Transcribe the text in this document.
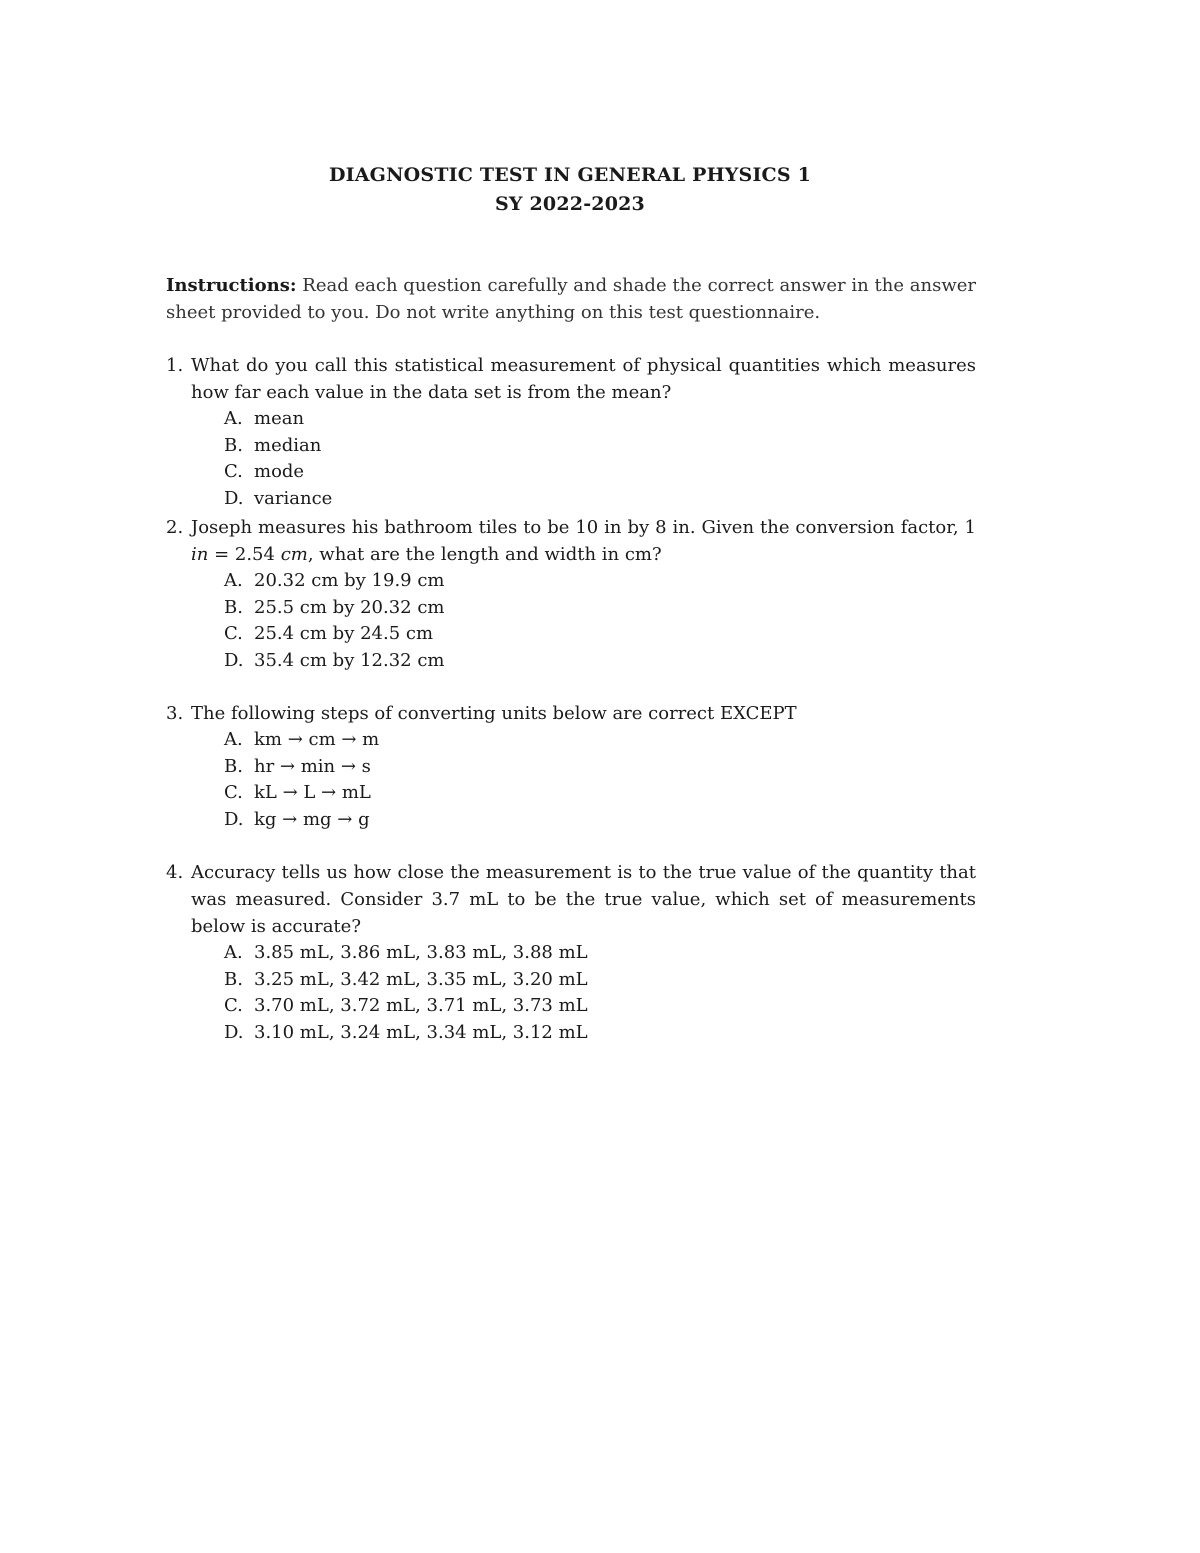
DIAGNOSTIC TEST IN GENERAL PHYSICS 1
SY 2022-2023
Instructions: Read each question carefully and shade the correct answer in the answer sheet provided to you. Do not write anything on this test questionnaire.
1. What do you call this statistical measurement of physical quantities which measures how far each value in the data set is from the mean?
A. mean
B. median
C. mode
D. variance
2. Joseph measures his bathroom tiles to be 10 in by 8 in. Given the conversion factor, 1 in = 2.54 cm, what are the length and width in cm?
A. 20.32 cm by 19.9 cm
B. 25.5 cm by 20.32 cm
C. 25.4 cm by 24.5 cm
D. 35.4 cm by 12.32 cm
3. The following steps of converting units below are correct EXCEPT
A. km → cm → m
B. hr → min → s
C. kL → L → mL
D. kg → mg → g
4. Accuracy tells us how close the measurement is to the true value of the quantity that was measured. Consider 3.7 mL to be the true value, which set of measurements below is accurate?
A. 3.85 mL, 3.86 mL, 3.83 mL, 3.88 mL
B. 3.25 mL, 3.42 mL, 3.35 mL, 3.20 mL
C. 3.70 mL, 3.72 mL, 3.71 mL, 3.73 mL
D. 3.10 mL, 3.24 mL, 3.34 mL, 3.12 mL
